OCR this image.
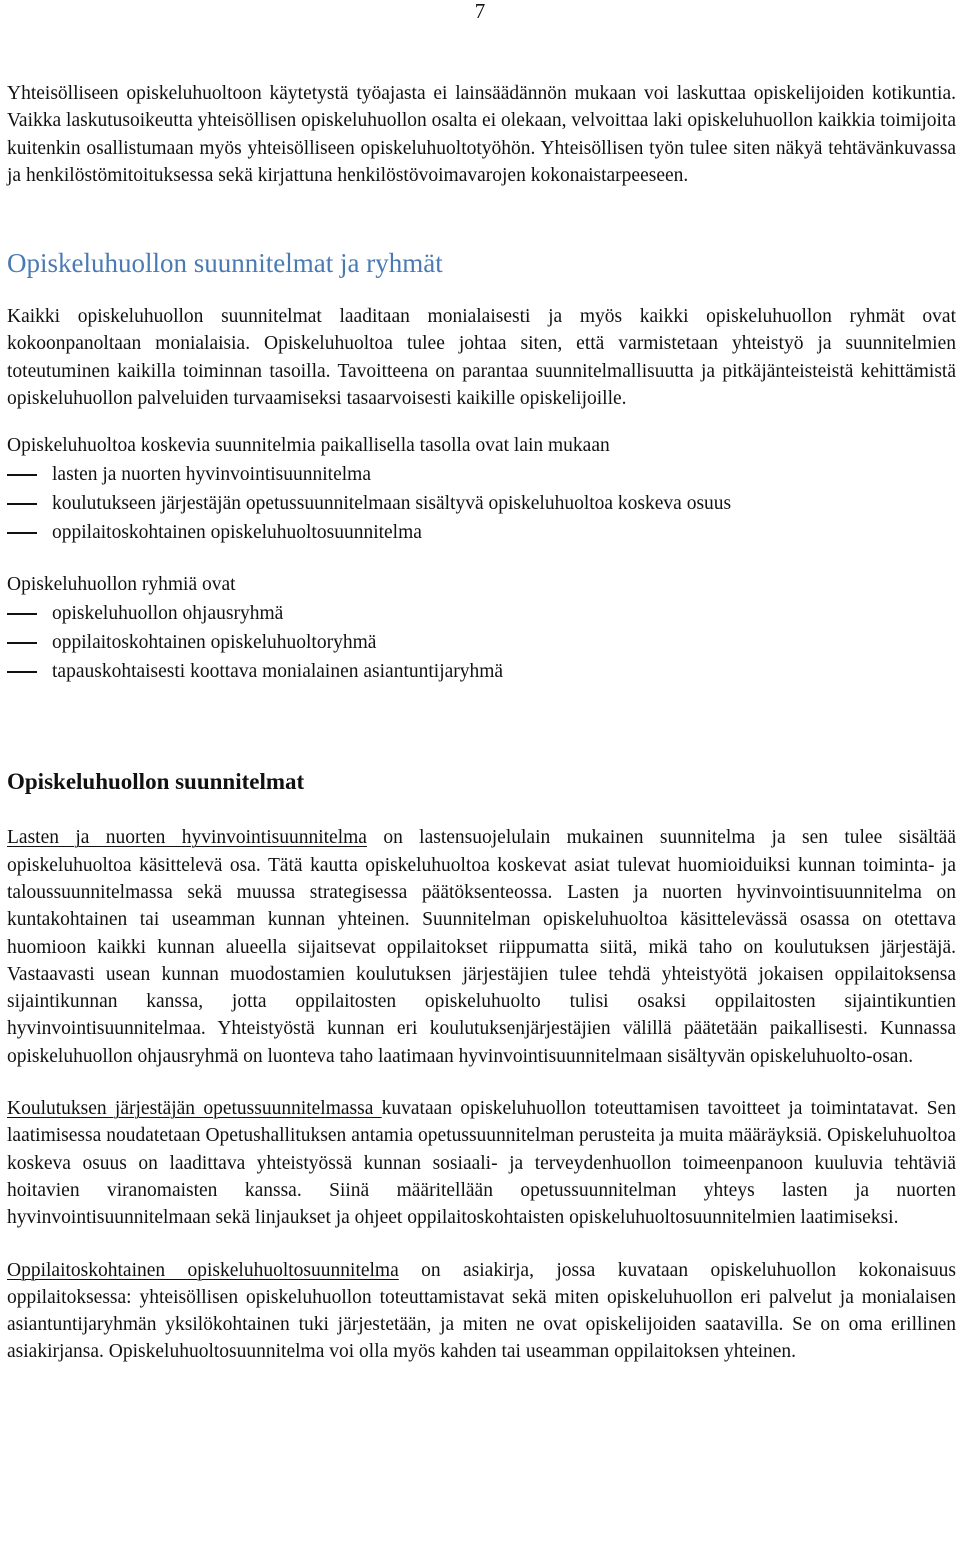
7

Yhteisölliseen opiskeluhuoltoon käytetystä työajasta ei lainsäädännön mukaan voi laskuttaa opiskelijoiden kotikuntia. Vaikka laskutusoikeutta yhteisöllisen opiskeluhuollon osalta ei olekaan, velvoittaa laki opiskeluhuollon kaikkia toimijoita kuitenkin osallistumaan myös yhteisölliseen opiskeluhuoltotyöhön. Yhteisöllisen työn tulee siten näkyä tehtävänkuvassa ja henkilöstömitoituksessa sekä kirjattuna henkilöstövoimavarojen kokonaistarpeeseen.

Opiskeluhuollon suunnitelmat ja ryhmät

Kaikki opiskeluhuollon suunnitelmat laaditaan monialaisesti ja myös kaikki opiskeluhuollon ryhmät ovat kokoonpanoltaan monialaisia. Opiskeluhuoltoa tulee johtaa siten, että varmistetaan yhteistyö ja suunnitelmien toteutuminen kaikilla toiminnan tasoilla. Tavoitteena on parantaa suunnitelmallisuutta ja pitkäjänteisteistä kehittämistä opiskeluhuollon palveluiden turvaamiseksi tasaarvoisesti kaikille opiskelijoille.

Opiskeluhuoltoa koskevia suunnitelmia paikallisella tasolla ovat lain mukaan
lasten ja nuorten hyvinvointisuunnitelma
koulutukseen järjestäjän opetussuunnitelmaan sisältyvä opiskeluhuoltoa koskeva osuus
oppilaitoskohtainen opiskeluhuoltosuunnitelma
Opiskeluhuollon ryhmiä ovat
opiskeluhuollon ohjausryhmä
oppilaitoskohtainen opiskeluhuoltoryhmä
tapauskohtaisesti koottava monialainen asiantuntijaryhmä
Opiskeluhuollon suunnitelmat

Lasten ja nuorten hyvinvointisuunnitelma on lastensuojelulain mukainen suunnitelma ja sen tulee sisältää opiskeluhuoltoa käsittelevä osa. Tätä kautta opiskeluhuoltoa koskevat asiat tulevat huomioiduiksi kunnan toiminta- ja taloussuunnitelmassa sekä muussa strategisessa päätöksenteossa. Lasten ja nuorten hyvinvointisuunnitelma on kuntakohtainen tai useamman kunnan yhteinen. Suunnitelman opiskeluhuoltoa käsittelevässä osassa on otettava huomioon kaikki kunnan alueella sijaitsevat oppilaitokset riippumatta siitä, mikä taho on koulutuksen järjestäjä. Vastaavasti usean kunnan muodostamien koulutuksen järjestäjien tulee tehdä yhteistyötä jokaisen oppilaitoksensa sijaintikunnan kanssa, jotta oppilaitosten opiskeluhuolto tulisi osaksi oppilaitosten sijaintikuntien hyvinvointisuunnitelmaa. Yhteistyöstä kunnan eri koulutuksenjärjestäjien välillä päätetään paikallisesti. Kunnassa opiskeluhuollon ohjausryhmä on luonteva taho laatimaan hyvinvointisuunnitelmaan sisältyvän opiskeluhuolto-osan.

Koulutuksen järjestäjän opetussuunnitelmassa kuvataan opiskeluhuollon toteuttamisen tavoitteet ja toimintatavat. Sen laatimisessa noudatetaan Opetushallituksen antamia opetussuunnitelman perusteita ja muita määräyksiä. Opiskeluhuoltoa koskeva osuus on laadittava yhteistyössä kunnan sosiaali- ja terveydenhuollon toimeenpanoon kuuluvia tehtäviä hoitavien viranomaisten kanssa. Siinä määritellään opetussuunnitelman yhteys lasten ja nuorten hyvinvointisuunnitelmaan sekä linjaukset ja ohjeet oppilaitoskohtaisten opiskeluhuoltosuunnitelmien laatimiseksi.

Oppilaitoskohtainen opiskeluhuoltosuunnitelma on asiakirja, jossa kuvataan opiskeluhuollon kokonaisuus oppilaitoksessa: yhteisöllisen opiskeluhuollon toteuttamistavat sekä miten opiskeluhuollon eri palvelut ja monialaisen asiantuntijaryhmän yksilökohtainen tuki järjestetään, ja miten ne ovat opiskelijoiden saatavilla. Se on oma erillinen asiakirjansa. Opiskeluhuoltosuunnitelma voi olla myös kahden tai useamman oppilaitoksen yhteinen.
